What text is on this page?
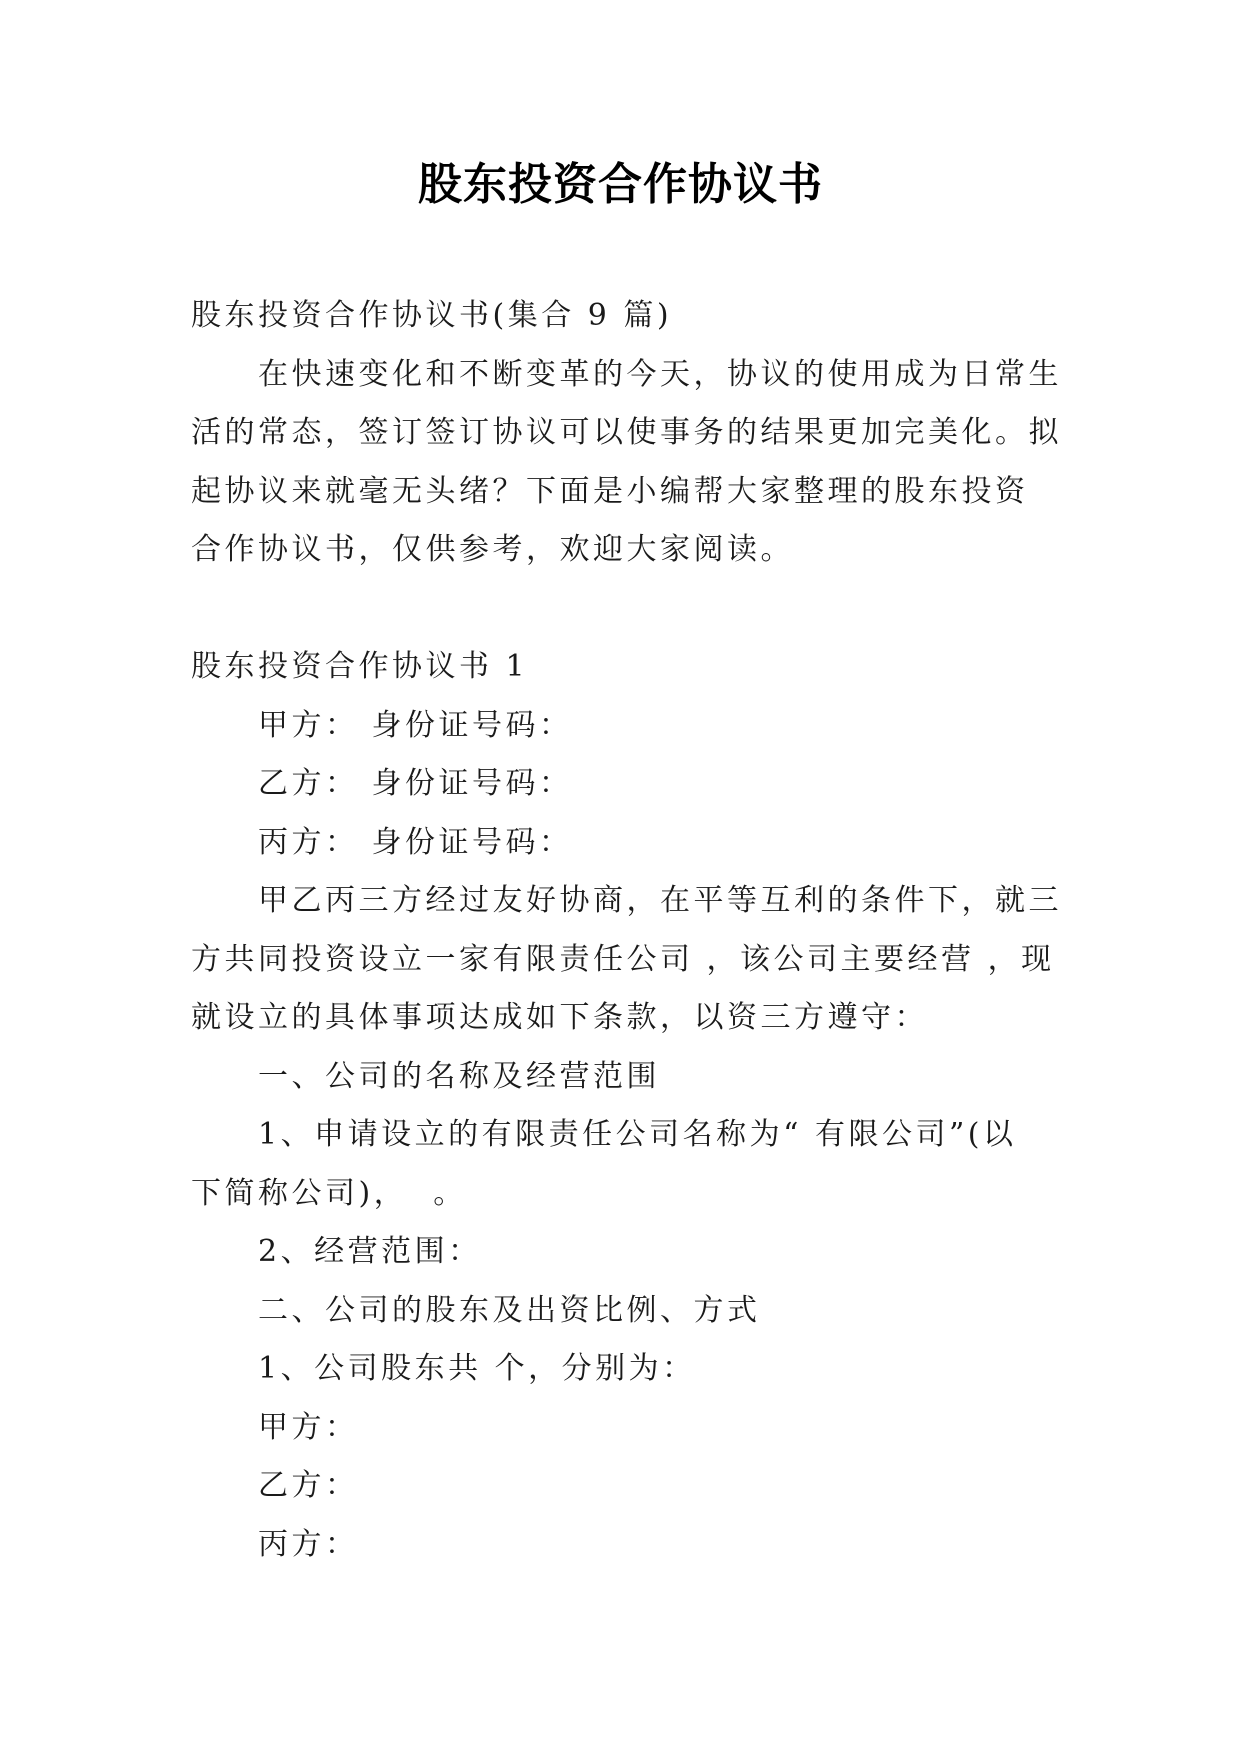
股东投资合作协议书
股东投资合作协议书(集合 9 篇)
在快速变化和不断变革的今天，协议的使用成为日常生
活的常态，签订签订协议可以使事务的结果更加完美化。拟
起协议来就毫无头绪？下面是小编帮大家整理的股东投资
合作协议书，仅供参考，欢迎大家阅读。
股东投资合作协议书 1
甲方： 身份证号码：
乙方： 身份证号码：
丙方： 身份证号码：
甲乙丙三方经过友好协商，在平等互利的条件下，就三
方共同投资设立一家有限责任公司 ，该公司主要经营 ，现
就设立的具体事项达成如下条款，以资三方遵守：
一、公司的名称及经营范围
1、申请设立的有限责任公司名称为“ 有限公司”(以
下简称公司)，  。
2、经营范围：
二、公司的股东及出资比例、方式
1、公司股东共 个，分别为：
甲方：
乙方：
丙方：
